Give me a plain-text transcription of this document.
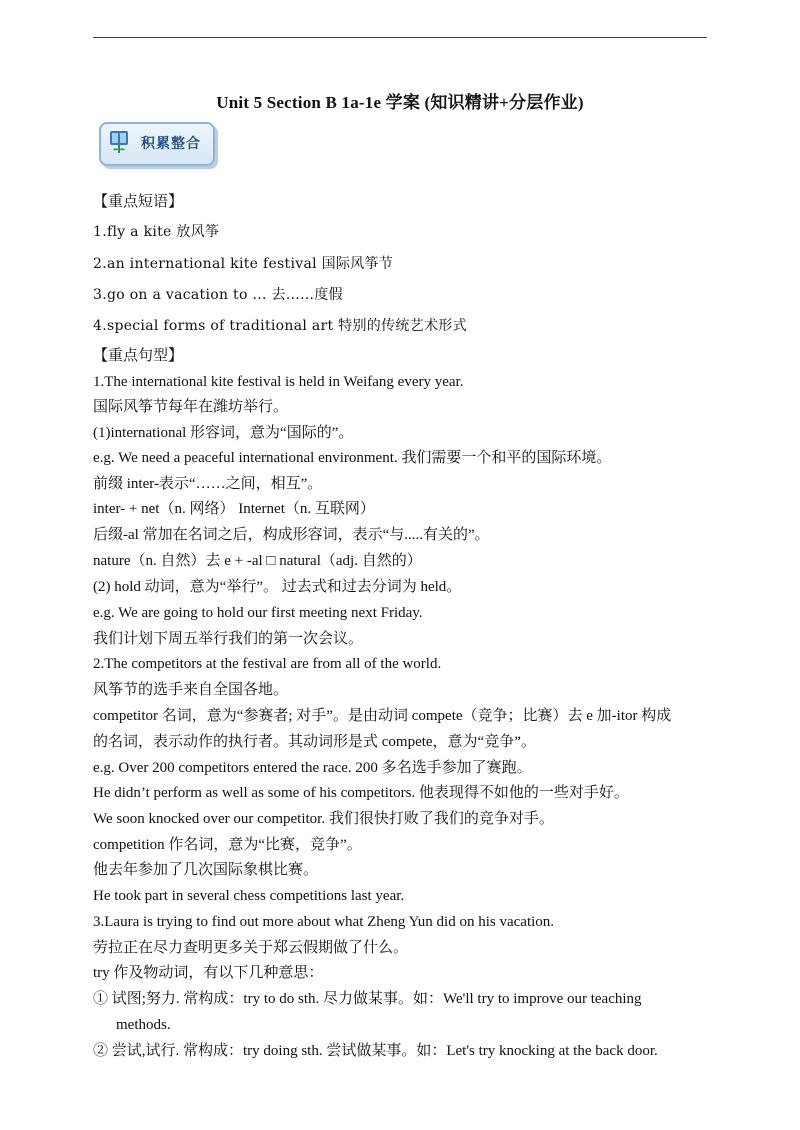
Unit 5 Section B 1a-1e 学案 (知识精讲+分层作业)
积累整合
【重点短语】
1.fly a kite 放风筝
2.an international kite festival 国际风筝节
3.go on a vacation to ... 去……度假
4.special forms of traditional art 特别的传统艺术形式
【重点句型】
1.The international kite festival is held in Weifang every year.
国际风筝节每年在潍坊举行。
(1)international 形容词，意为“国际的”。
e.g. We need a peaceful international environment. 我们需要一个和平的国际环境。
前缀 inter-表示“……之间，相互”。
inter- + net（n. 网络） Internet（n. 互联网）
后缀-al 常加在名词之后，构成形容词，表示“与.....有关的”。
nature（n. 自然）去 e + -al □ natural（adj. 自然的）
(2) hold 动词，意为“举行”。 过去式和过去分词为 held。
e.g. We are going to hold our first meeting next Friday.
我们计划下周五举行我们的第一次会议。
2.The competitors at the festival are from all of the world.
风筝节的选手来自全国各地。
competitor 名词，意为“参赛者; 对手”。是由动词 compete（竞争；比赛）去 e 加-itor 构成
的名词，表示动作的执行者。其动词形是式 compete，意为“竞争”。
e.g. Over 200 competitors entered the race. 200 多名选手参加了赛跑。
He didn’t perform as well as some of his competitors. 他表现得不如他的一些对手好。
We soon knocked over our competitor. 我们很快打败了我们的竞争对手。
competition 作名词，意为“比赛，竞争”。
他去年参加了几次国际象棋比赛。
He took part in several chess competitions last year.
3.Laura is trying to find out more about what Zheng Yun did on his vacation.
劳拉正在尽力查明更多关于郑云假期做了什么。
try 作及物动词，有以下几种意思：
① 试图;努力. 常构成：try to do sth. 尽力做某事。如：We'll try to improve our teaching
methods.
② 尝试,试行. 常构成：try doing sth. 尝试做某事。如：Let's try knocking at the back door.
